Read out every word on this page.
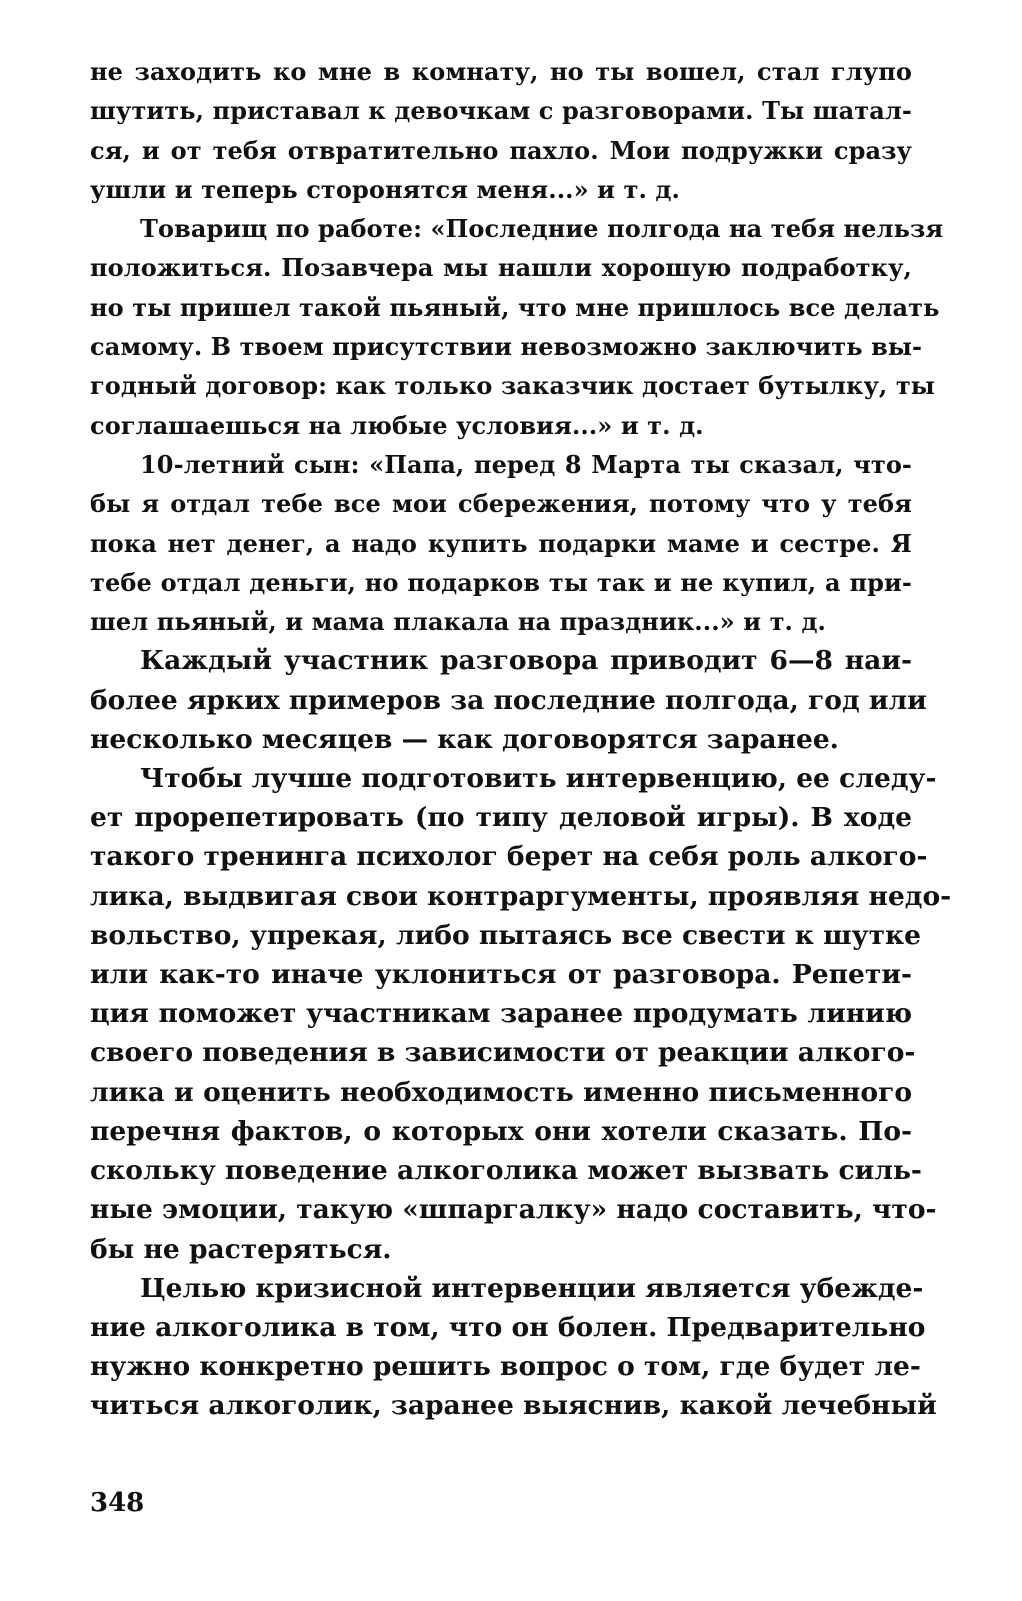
не заходить ко мне в комнату, но ты вошел, стал глупо
шутить, приставал к девочкам с разговорами. Ты шатал-
ся, и от тебя отвратительно пахло. Мои подружки сразу
ушли и теперь сторонятся меня...» и т. д.

Товарищ по работе: «Последние полгода на тебя нельзя
положиться. Позавчера мы нашли хорошую подработку,
но ты пришел такой пьяный, что мне пришлось все делать
самому. В твоем присутствии невозможно заключить вы-
годный договор: как только заказчик достает бутылку, ты
соглашаешься на любые условия...» и т. д.

10-летний сын: «Папа, перед 8 Марта ты сказал, что-
бы я отдал тебе все мои сбережения, потому что у тебя
пока нет денег, а надо купить подарки маме и сестре. Я
тебе отдал деньги, но подарков ты так и не купил, а при-
шел пьяный, и мама плакала на праздник...» и т. д.

Каждый участник разговора приводит 6—8 наи-
более ярких примеров за последние полгода, год или
несколько месяцев — как договорятся заранее.

Чтобы лучше подготовить интервенцию, ее следу-
ет прорепетировать (по типу деловой игры). В ходе
такого тренинга психолог берет на себя роль алкого-
лика, выдвигая свои контраргументы, проявляя недо-
вольство, упрекая, либо пытаясь все свести к шутке
или как-то иначе уклониться от разговора. Репети-
ция поможет участникам заранее продумать линию
своего поведения в зависимости от реакции алкого-
лика и оценить необходимость именно письменного
перечня фактов, о которых они хотели сказать. По-
скольку поведение алкоголика может вызвать силь-
ные эмоции, такую «шпаргалку» надо составить, что-
бы не растеряться.

Целью кризисной интервенции является убежде-
ние алкоголика в том, что он болен. Предварительно
нужно конкретно решить вопрос о том, где будет ле-
читься алкоголик, заранее выяснив, какой лечебный

348
